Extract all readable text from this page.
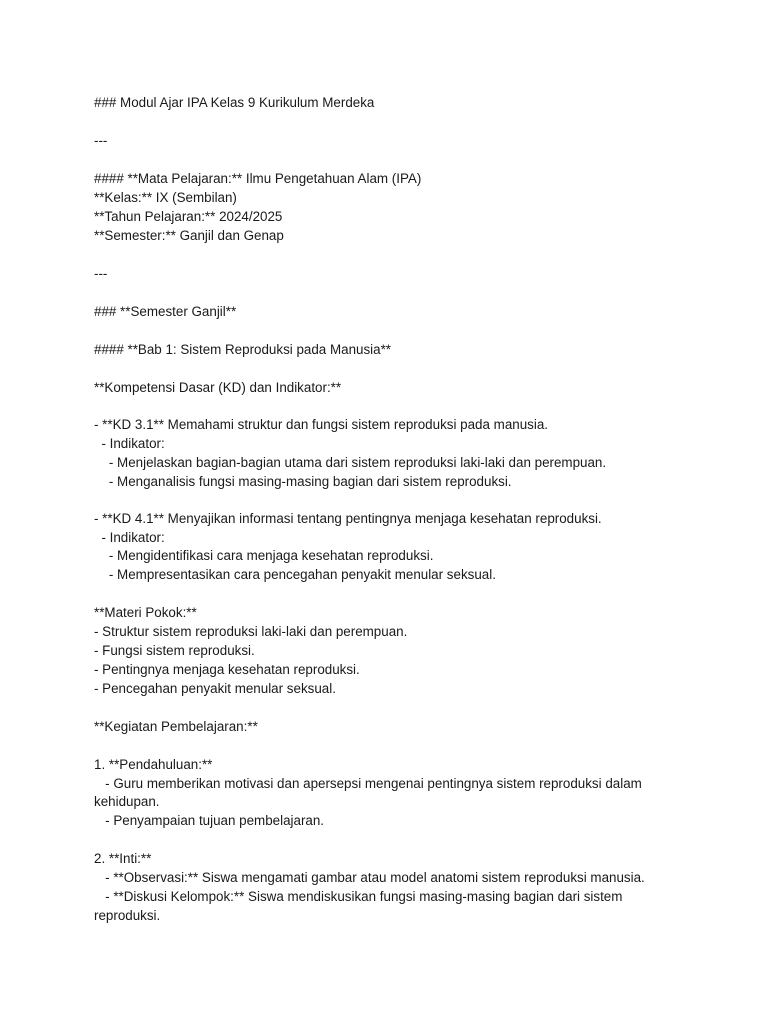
### Modul Ajar IPA Kelas 9 Kurikulum Merdeka
---
#### **Mata Pelajaran:** Ilmu Pengetahuan Alam (IPA)
**Kelas:** IX (Sembilan)
**Tahun Pelajaran:** 2024/2025
**Semester:** Ganjil dan Genap
---
### **Semester Ganjil**
#### **Bab 1: Sistem Reproduksi pada Manusia**
**Kompetensi Dasar (KD) dan Indikator:**
- **KD 3.1** Memahami struktur dan fungsi sistem reproduksi pada manusia.
- Indikator:
- Menjelaskan bagian-bagian utama dari sistem reproduksi laki-laki dan perempuan.
- Menganalisis fungsi masing-masing bagian dari sistem reproduksi.
- **KD 4.1** Menyajikan informasi tentang pentingnya menjaga kesehatan reproduksi.
- Indikator:
- Mengidentifikasi cara menjaga kesehatan reproduksi.
- Mempresentasikan cara pencegahan penyakit menular seksual.
**Materi Pokok:**
- Struktur sistem reproduksi laki-laki dan perempuan.
- Fungsi sistem reproduksi.
- Pentingnya menjaga kesehatan reproduksi.
- Pencegahan penyakit menular seksual.
**Kegiatan Pembelajaran:**
1. **Pendahuluan:**
- Guru memberikan motivasi dan apersepsi mengenai pentingnya sistem reproduksi dalam
kehidupan.
- Penyampaian tujuan pembelajaran.
2. **Inti:**
- **Observasi:** Siswa mengamati gambar atau model anatomi sistem reproduksi manusia.
- **Diskusi Kelompok:** Siswa mendiskusikan fungsi masing-masing bagian dari sistem
reproduksi.
